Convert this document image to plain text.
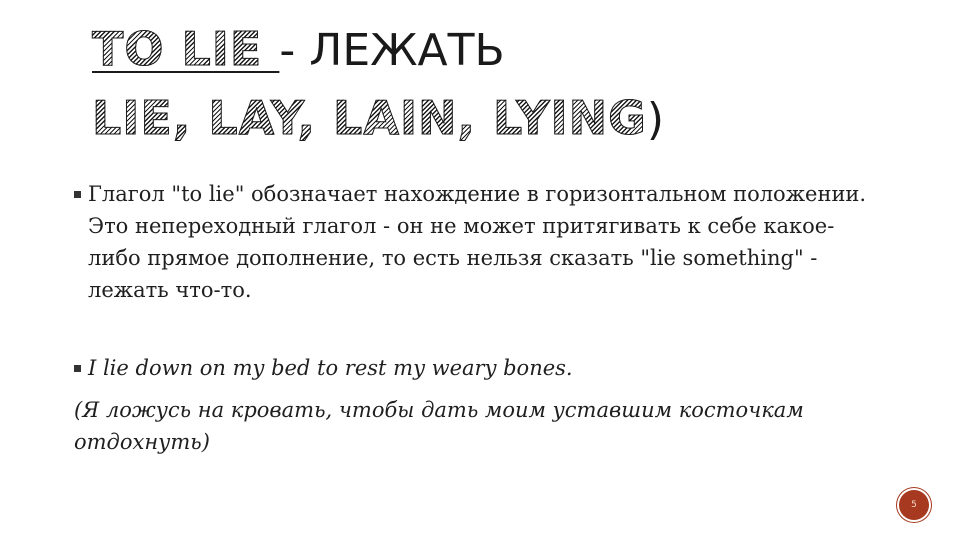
TO LIE - ЛЕЖАТЬ
LIE, LAY, LAIN, LYING)
Глагол "to lie" обозначает нахождение в горизонтальном положении. Это непереходный глагол - он не может притягивать к себе какое-либо прямое дополнение, то есть нельзя сказать "lie something" - лежать что-то.
I lie down on my bed to rest my weary bones.
(Я ложусь на кровать, чтобы дать моим уставшим косточкам отдохнуть)
5
